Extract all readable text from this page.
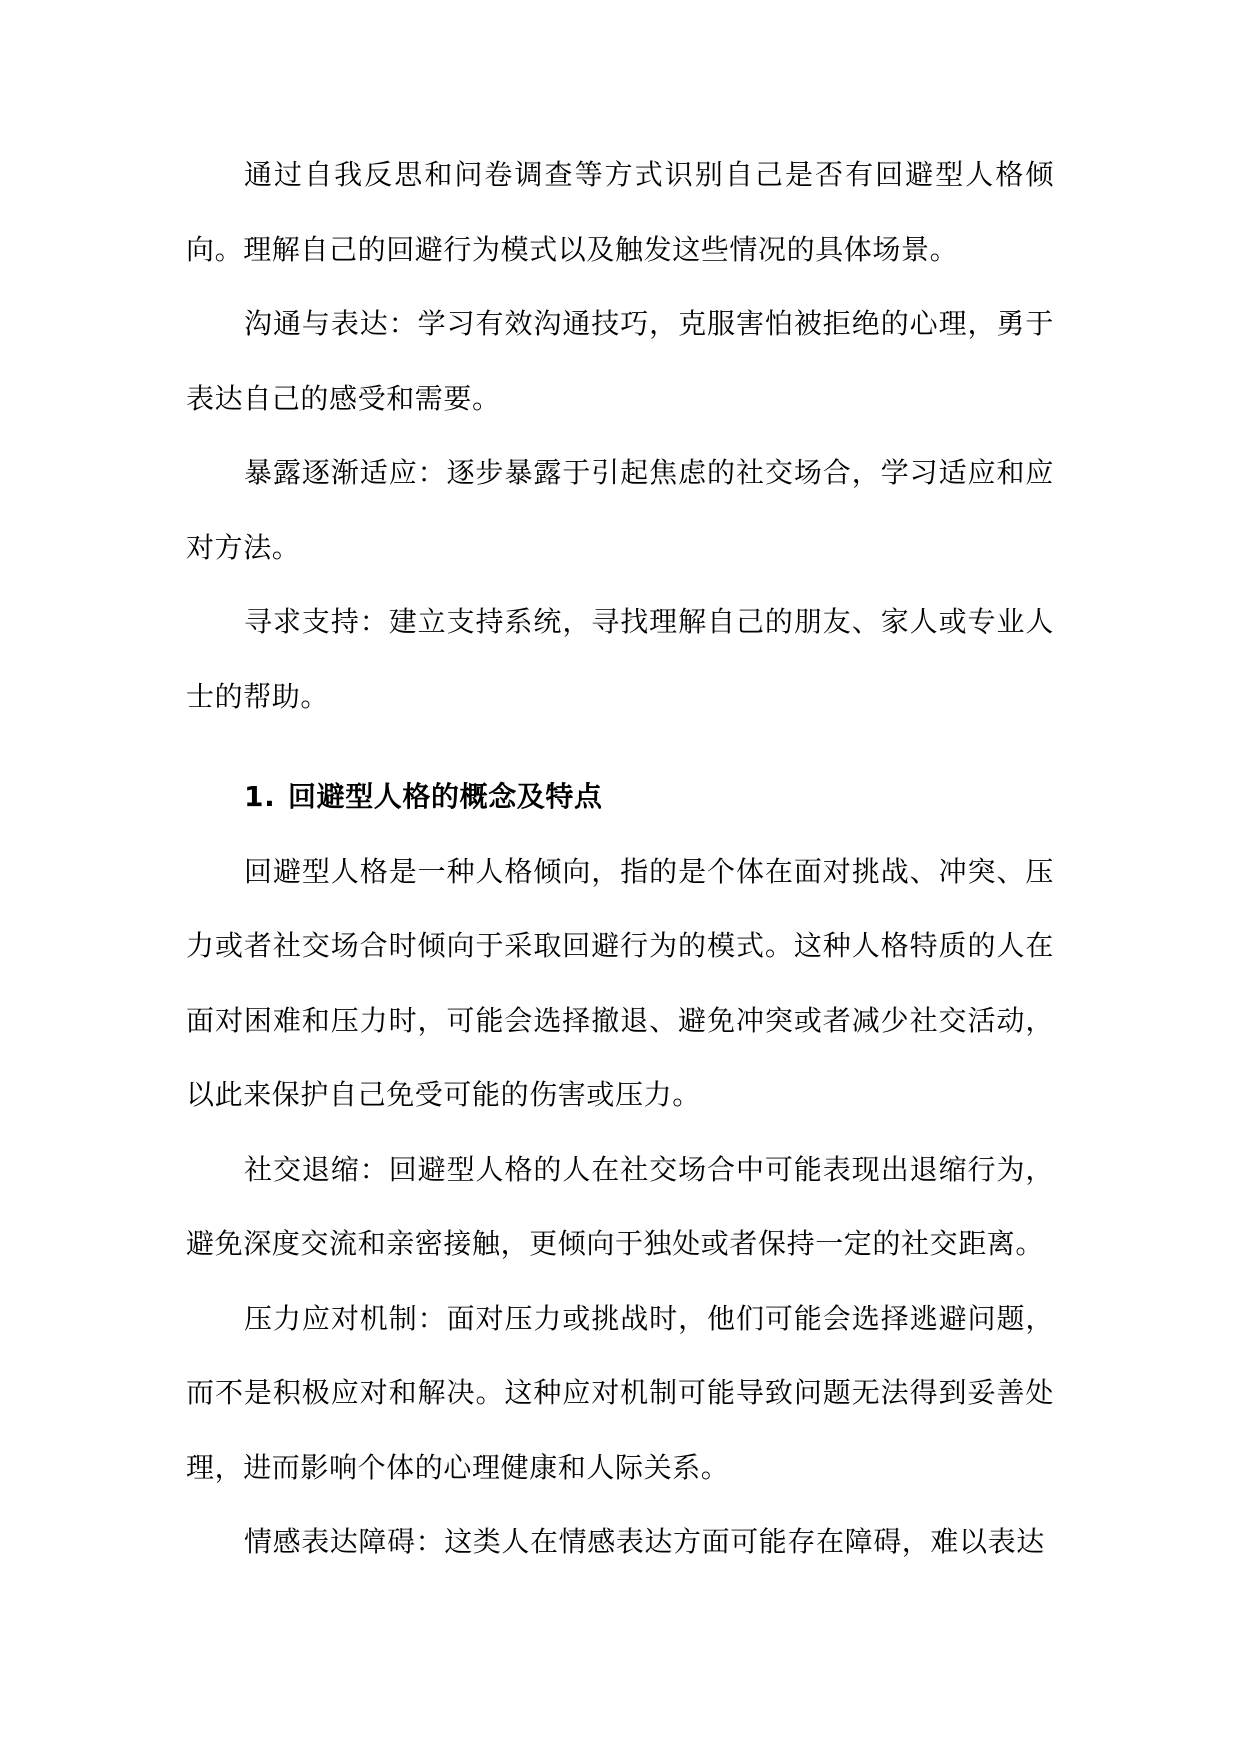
通过自我反思和问卷调查等方式识别自己是否有回避型人格倾向。理解自己的回避行为模式以及触发这些情况的具体场景。

沟通与表达：学习有效沟通技巧，克服害怕被拒绝的心理，勇于表达自己的感受和需要。

暴露逐渐适应：逐步暴露于引起焦虑的社交场合，学习适应和应对方法。

寻求支持：建立支持系统，寻找理解自己的朋友、家人或专业人士的帮助。

1. 回避型人格的概念及特点

回避型人格是一种人格倾向，指的是个体在面对挑战、冲突、压力或者社交场合时倾向于采取回避行为的模式。这种人格特质的人在面对困难和压力时，可能会选择撤退、避免冲突或者减少社交活动，以此来保护自己免受可能的伤害或压力。

社交退缩：回避型人格的人在社交场合中可能表现出退缩行为，避免深度交流和亲密接触，更倾向于独处或者保持一定的社交距离。

压力应对机制：面对压力或挑战时，他们可能会选择逃避问题，而不是积极应对和解决。这种应对机制可能导致问题无法得到妥善处理，进而影响个体的心理健康和人际关系。

情感表达障碍：这类人在情感表达方面可能存在障碍，难以表达
